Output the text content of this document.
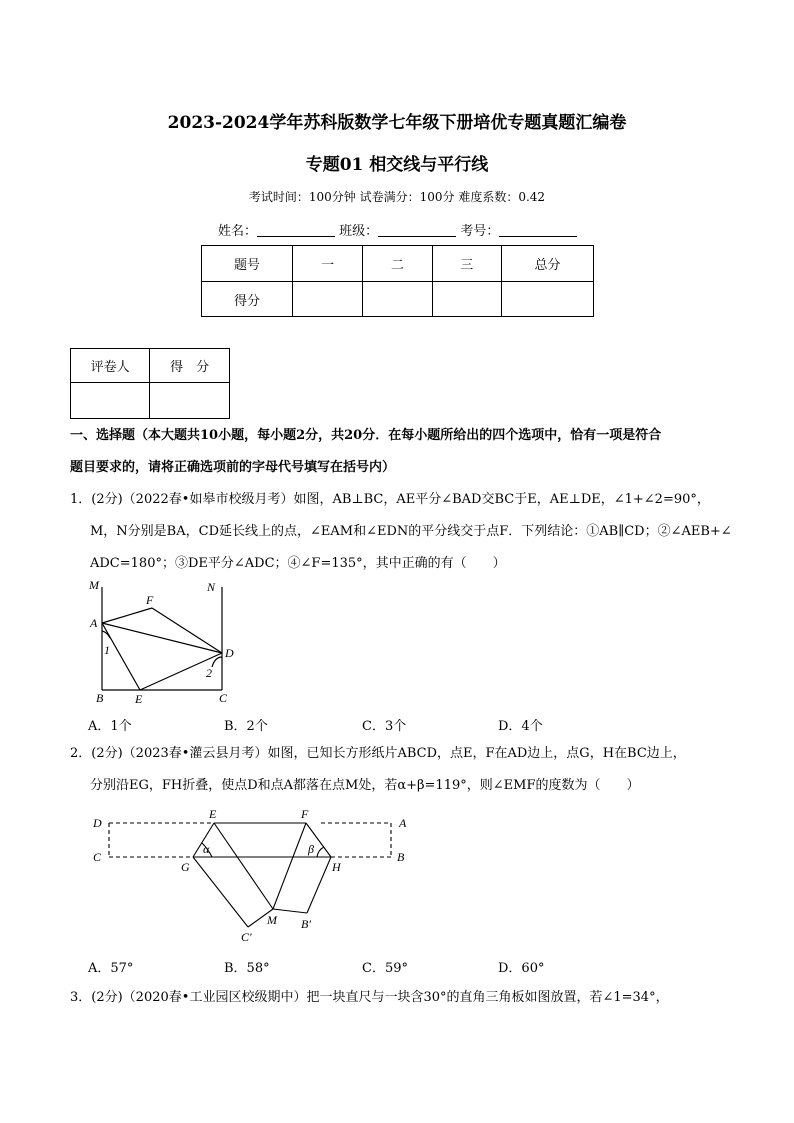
2023-2024学年苏科版数学七年级下册培优专题真题汇编卷
专题01 相交线与平行线
考试时间：100分钟 试卷满分：100分 难度系数：0.42
姓名：	班级：	考号：
题号	一	二	三	总分
得分				
评卷人	得　分

一、选择题（本大题共10小题，每小题2分，共20分．在每小题所给出的四个选项中，恰有一项是符合
题目要求的，请将正确选项前的字母代号填写在括号内）
1．(2分)（2022春•如皋市校级月考）如图，AB⊥BC，AE平分∠BAD交BC于E，AE⊥DE，∠1+∠2=90°，
M，N分别是BA，CD延长线上的点，∠EAM和∠EDN的平分线交于点F．下列结论：①AB∥CD；②∠AEB+∠
ADC=180°；③DE平分∠ADC；④∠F=135°，其中正确的有（　　）
M	N
F
A
1	D
2
B	E	C
A．1个	B．2个	C．3个	D．4个
2．(2分)（2023春•灌云县月考）如图，已知长方形纸片ABCD，点E，F在AD边上，点G，H在BC边上，
分别沿EG，FH折叠，使点D和点A都落在点M处，若α+β=119°，则∠EMF的度数为（　　）
D
E	F
A
C
α	β
B
G	H
M
C′
B′
A．57°	B．58°	C．59°	D．60°
3．(2分)（2020春•工业园区校级期中）把一块直尺与一块含30°的直角三角板如图放置，若∠1=34°，
